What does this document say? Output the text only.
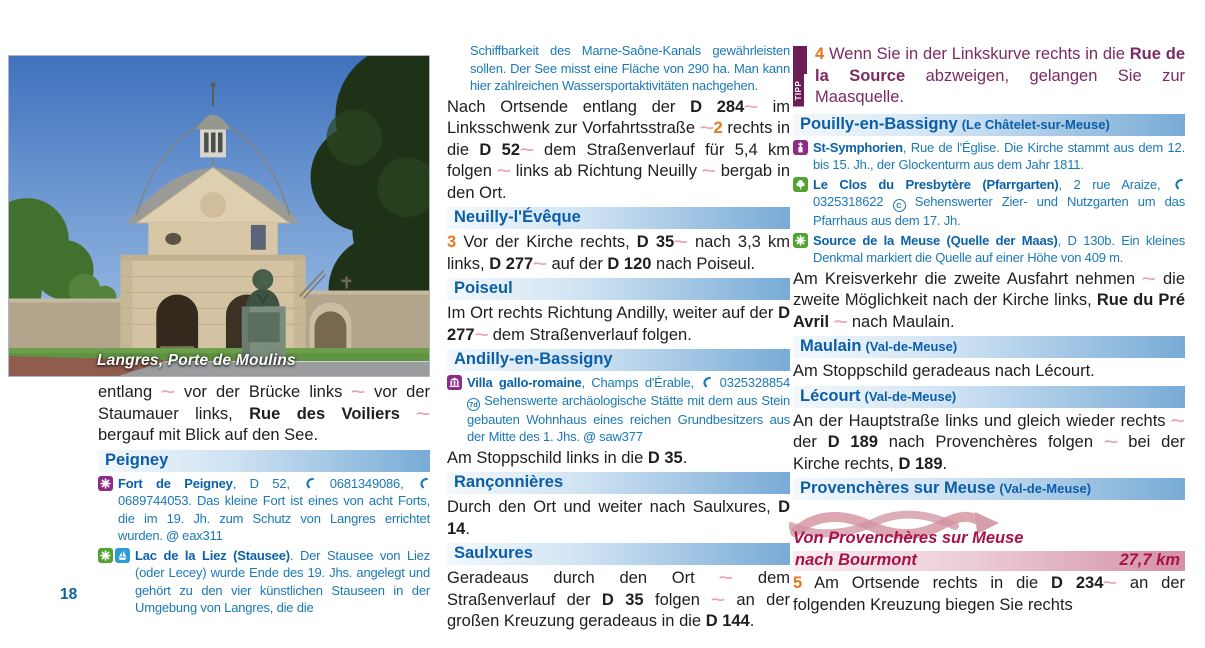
Langres, Porte de Moulins

entlang ~ vor der Brücke links ~ vor der Staumauer links, Rue des Voiliers ~ bergauf mit Blick auf den See.

Peigney
Fort de Peigney, D 52,  0681349086,  0689744053. Das kleine Fort ist eines von acht Forts, die im 19. Jh. zum Schutz von Langres errichtet wurden. @ eax311
Lac de la Liez (Stausee). Der Stausee von Liez (oder Lecey) wurde Ende des 19. Jhs. angelegt und gehört zu den vier künstlichen Stauseen in der Umgebung von Langres, die die

Schiffbarkeit des Marne-Saône-Kanals gewährleisten sollen. Der See misst eine Fläche von 290 ha. Man kann hier zahlreichen Wassersportaktivitäten nachgehen.

Nach Ortsende entlang der D 284~ im Linksschwenk zur Vorfahrtsstraße ~2 rechts in die D 52~ dem Straßenverlauf für 5,4 km folgen ~ links ab Richtung Neuilly ~ bergab in den Ort.

Neuilly-l'Évêque

3 Vor der Kirche rechts, D 35~ nach 3,3 km links, D 277~ auf der D 120 nach Poiseul.

Poiseul

Im Ort rechts Richtung Andilly, weiter auf der D 277~ dem Straßenverlauf folgen.

Andilly-en-Bassigny
Villa gallo-romaine, Champs d'Érable,  0325328854 7d Sehenswerte archäologische Stätte mit dem aus Stein gebauten Wohnhaus eines reichen Grundbesitzers aus der Mitte des 1. Jhs. @ saw377

Am Stoppschild links in die D 35.

Rançonnières

Durch den Ort und weiter nach Saulxures, D 14.

Saulxures

Geradeaus durch den Ort ~ dem Straßenverlauf der D 35 folgen ~ an der großen Kreuzung geradeaus in die D 144.

TIPP

4 Wenn Sie in der Linkskurve rechts in die Rue de la Source abzweigen, gelangen Sie zur Maasquelle.

Pouilly-en-Bassigny (Le Châtelet-sur-Meuse)
St-Symphorien, Rue de l'Église. Die Kirche stammt aus dem 12. bis 15. Jh., der Glockenturm aus dem Jahr 1811.
Le Clos du Presbytère (Pfarrgarten), 2 rue Araize,  0325318622 C Sehenswerter Zier- und Nutzgarten um das Pfarrhaus aus dem 17. Jh.
Source de la Meuse (Quelle der Maas), D 130b. Ein kleines Denkmal markiert die Quelle auf einer Höhe von 409 m.

Am Kreisverkehr die zweite Ausfahrt nehmen ~ die zweite Möglichkeit nach der Kirche links, Rue du Pré Avril ~ nach Maulain.

Maulain (Val-de-Meuse)

Am Stoppschild geradeaus nach Lécourt.

Lécourt (Val-de-Meuse)

An der Hauptstraße links und gleich wieder rechts ~ der D 189 nach Provenchères folgen ~ bei der Kirche rechts, D 189.

Provenchères sur Meuse (Val-de-Meuse)
Von Provenchères sur Meuse
nach Bourmont	27,7 km

5 Am Ortsende rechts in die D 234~ an der folgenden Kreuzung biegen Sie rechts

18
